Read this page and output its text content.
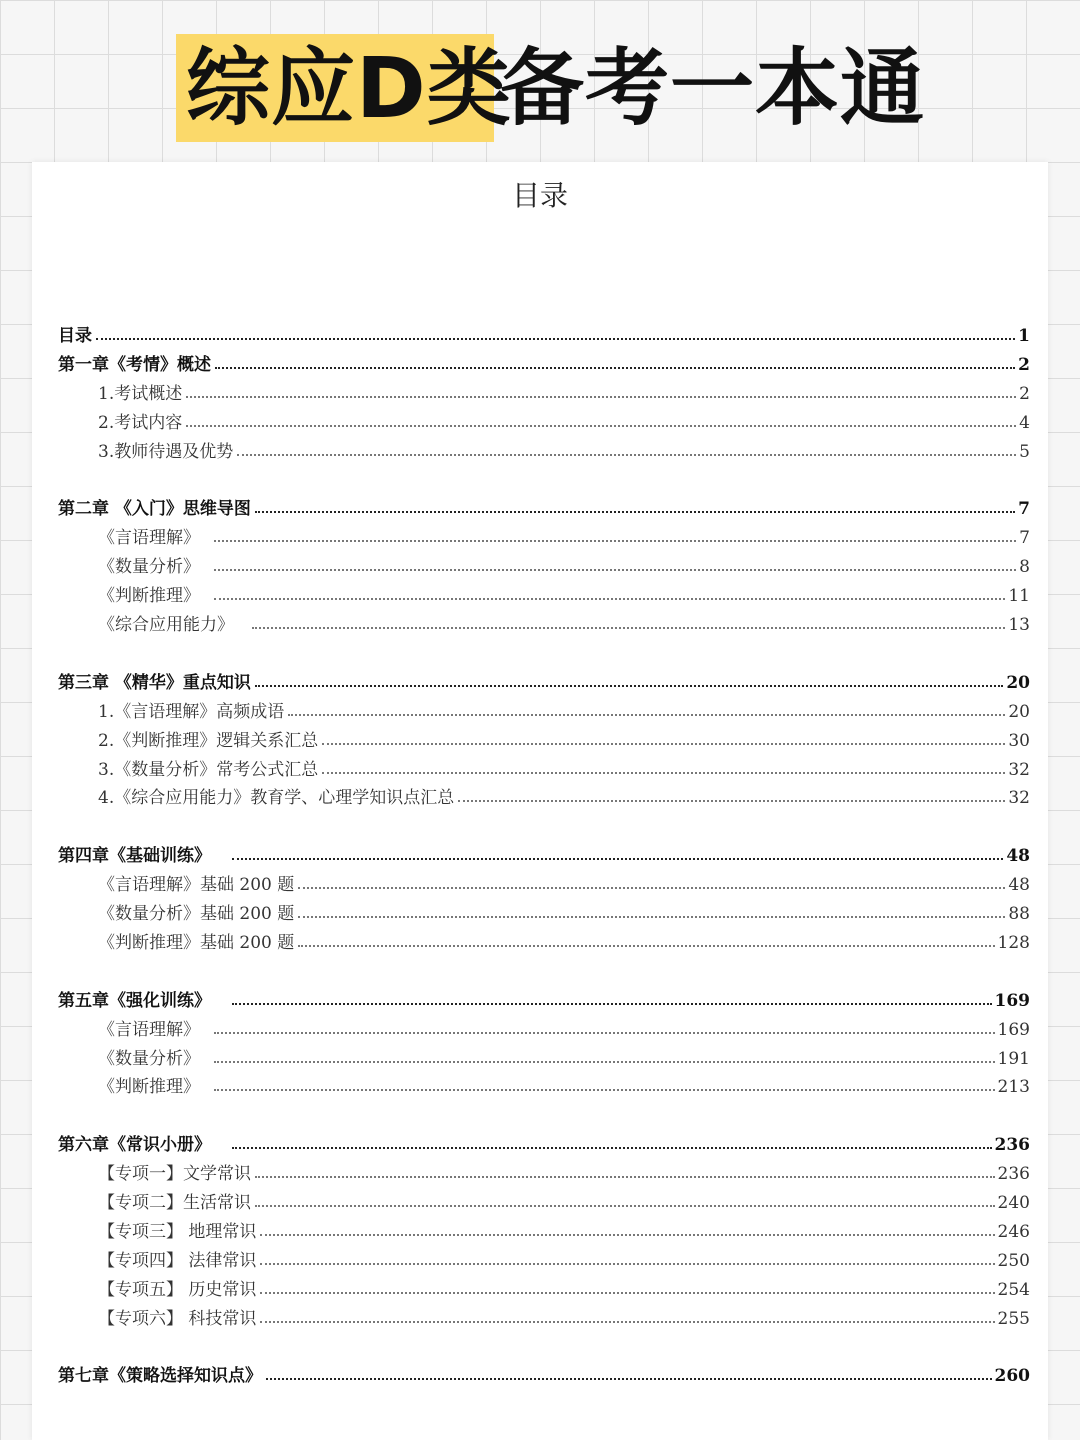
综应D类
备考一本通
目录
目录	1
第一章《考情》概述	2
1.考试概述	2
2.考试内容	4
3.教师待遇及优势	5
第二章 《入门》思维导图	7
《言语理解》	7
《数量分析》	8
《判断推理》	11
《综合应用能力》	13
第三章 《精华》重点知识	20
1.《言语理解》高频成语	20
2.《判断推理》逻辑关系汇总	30
3.《数量分析》常考公式汇总	32
4.《综合应用能力》教育学、心理学知识点汇总	32
第四章《基础训练》	48
《言语理解》基础 200 题	48
《数量分析》基础 200 题	88
《判断推理》基础 200 题	128
第五章《强化训练》	169
《言语理解》	169
《数量分析》	191
《判断推理》	213
第六章《常识小册》	236
【专项一】文学常识	236
【专项二】生活常识	240
【专项三】 地理常识	246
【专项四】 法律常识	250
【专项五】 历史常识	254
【专项六】 科技常识	255
第七章《策略选择知识点》	260
